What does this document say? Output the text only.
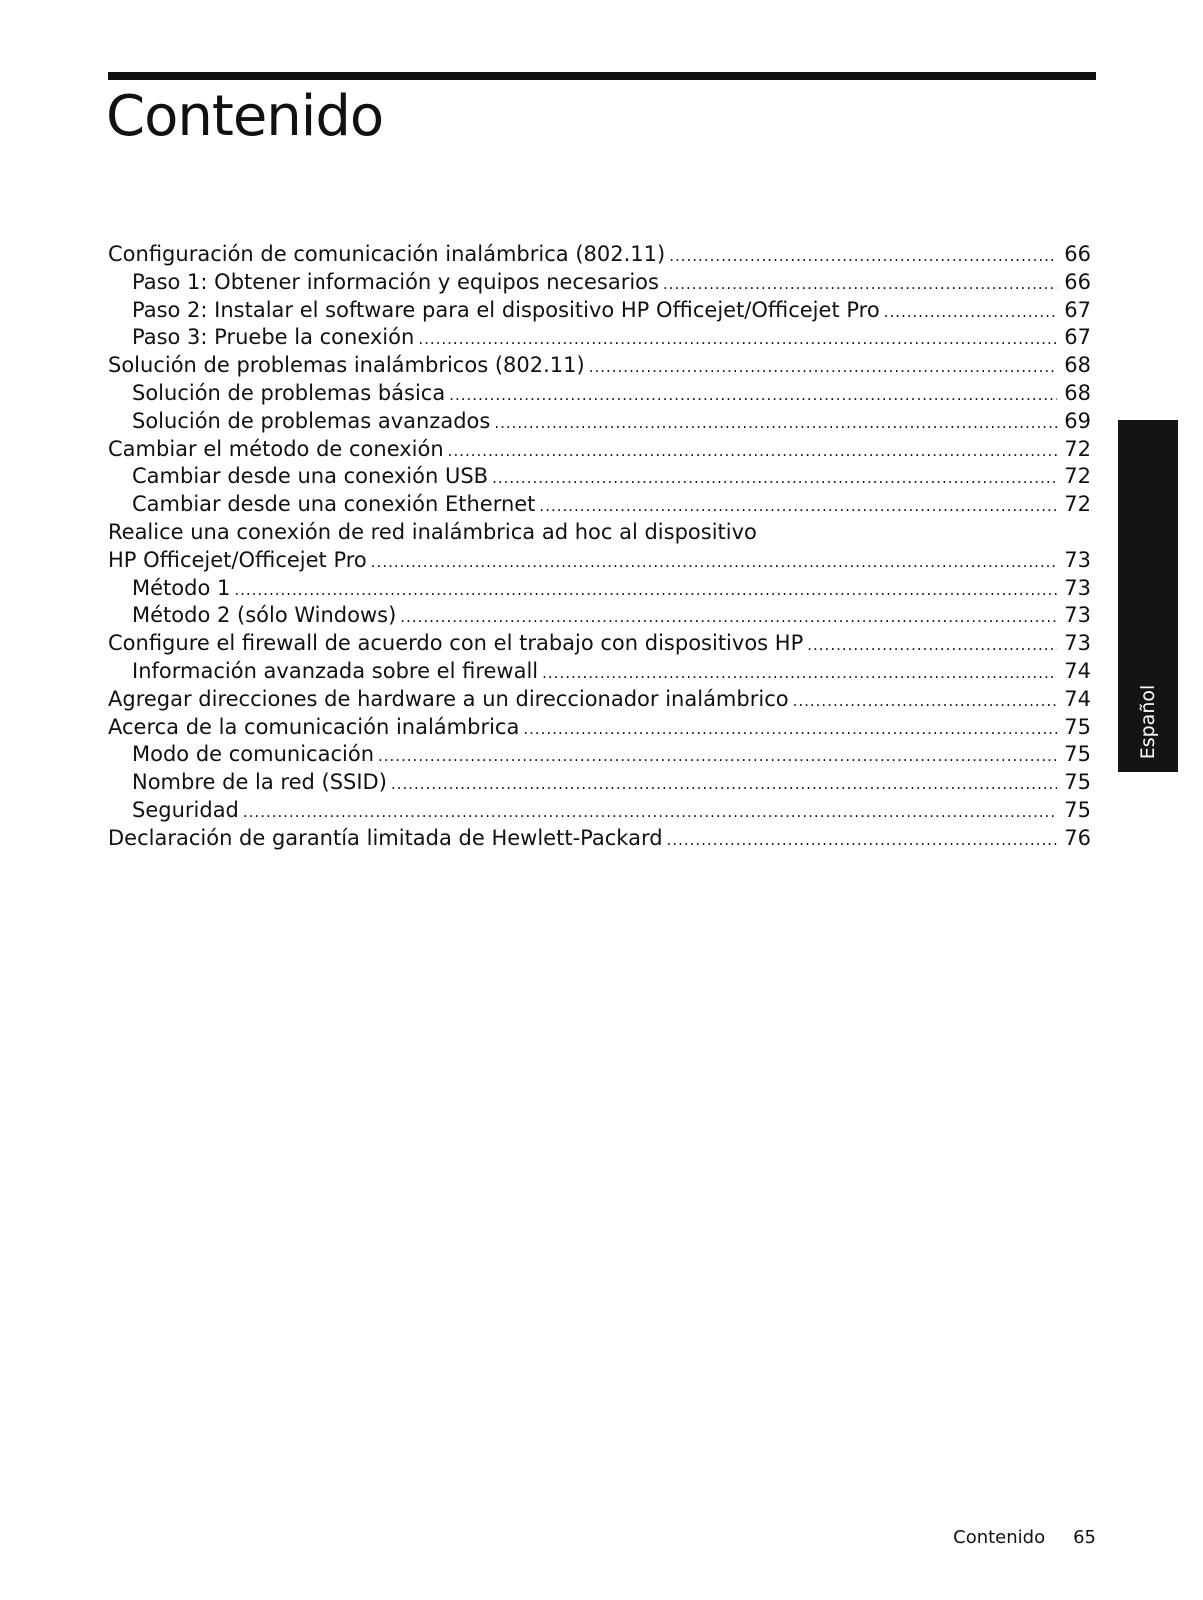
Contenido
Configuración de comunicación inalámbrica (802.11) .....	66
Paso 1: Obtener información y equipos necesarios .....	66
Paso 2: Instalar el software para el dispositivo HP Officejet/Officejet Pro .....	67
Paso 3: Pruebe la conexión .....	67
Solución de problemas inalámbricos (802.11) .....	68
Solución de problemas básica .....	68
Solución de problemas avanzados .....	69
Cambiar el método de conexión .....	72
Cambiar desde una conexión USB .....	72
Cambiar desde una conexión Ethernet .....	72
Realice una conexión de red inalámbrica ad hoc al dispositivo
HP Officejet/Officejet Pro .....	73
Método 1 .....	73
Método 2 (sólo Windows) .....	73
Configure el firewall de acuerdo con el trabajo con dispositivos HP .....	73
Información avanzada sobre el firewall .....	74
Agregar direcciones de hardware a un direccionador inalámbrico .....	74
Acerca de la comunicación inalámbrica .....	75
Modo de comunicación .....	75
Nombre de la red (SSID) .....	75
Seguridad .....	75
Declaración de garantía limitada de Hewlett-Packard .....	76
Español
Contenido 65
